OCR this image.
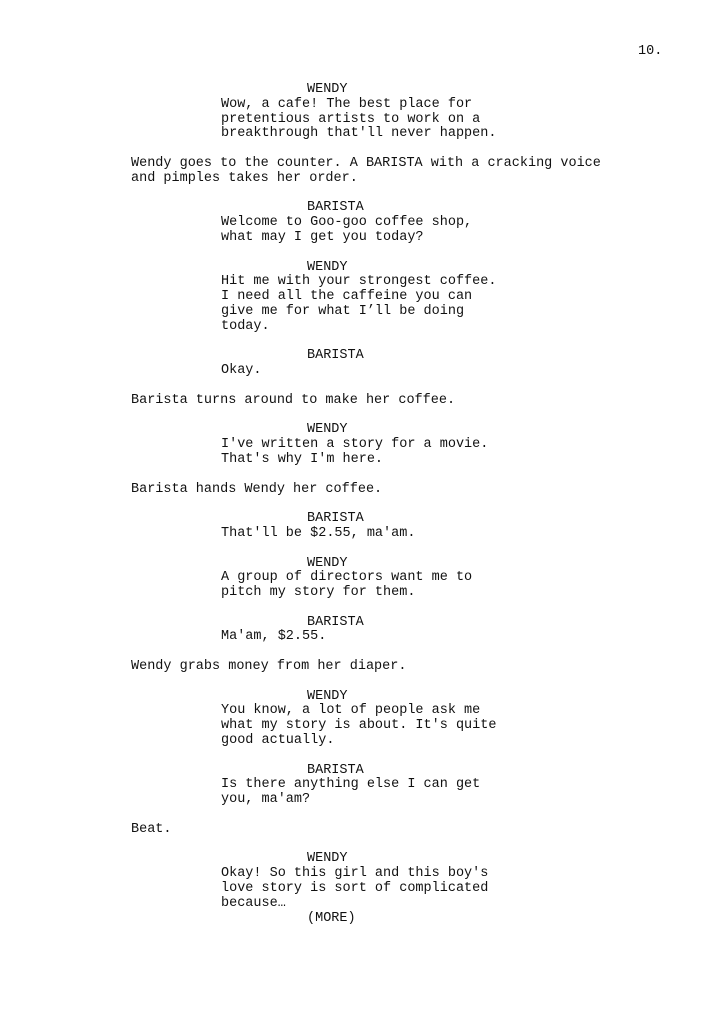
10.
WENDY
Wow, a cafe! The best place for
pretentious artists to work on a
breakthrough that'll never happen.
Wendy goes to the counter. A BARISTA with a cracking voice
and pimples takes her order.
BARISTA
Welcome to Goo-goo coffee shop,
what may I get you today?
WENDY
Hit me with your strongest coffee.
I need all the caffeine you can
give me for what I’ll be doing
today.
BARISTA
Okay.
Barista turns around to make her coffee.
WENDY
I've written a story for a movie.
That's why I'm here.
Barista hands Wendy her coffee.
BARISTA
That'll be $2.55, ma'am.
WENDY
A group of directors want me to
pitch my story for them.
BARISTA
Ma'am, $2.55.
Wendy grabs money from her diaper.
WENDY
You know, a lot of people ask me
what my story is about. It's quite
good actually.
BARISTA
Is there anything else I can get
you, ma'am?
Beat.
WENDY
Okay! So this girl and this boy's
love story is sort of complicated
because…
(MORE)
